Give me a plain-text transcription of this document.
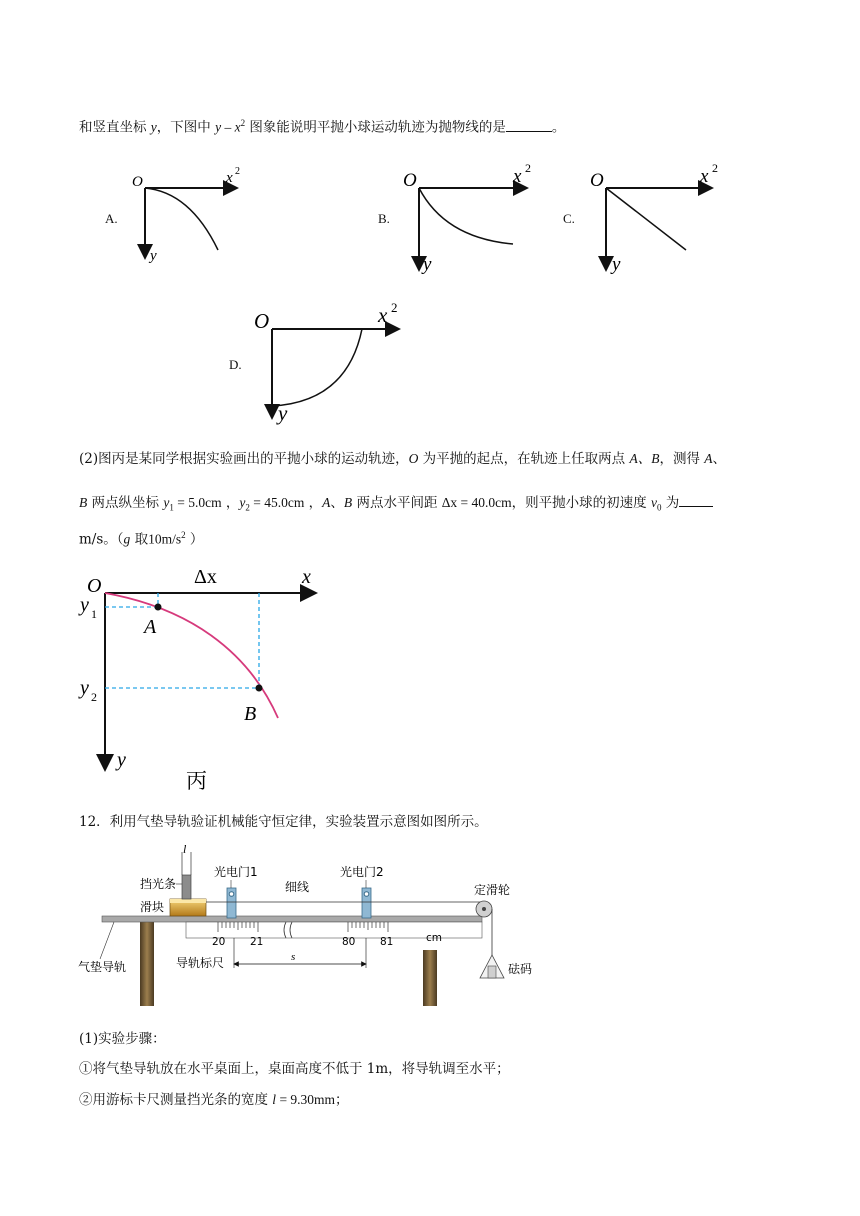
和竖直坐标 y，下图中 y – $x^2$ 图象能说明平抛小球运动轨迹为抛物线的是	。
A.
O	x 2
y
B.
O	x 2
y
C.
O	x 2
y
D.
O	x 2
y
(2)图丙是某同学根据实验画出的平抛小球的运动轨迹，O 为平抛的起点，在轨迹上任取两点 A、B，测得 A、
B 两点纵坐标 $y_1 = 5.0cm$ ，$y_2 = 45.0cm$ ，A、B 两点水平间距 Δx = 40.0cm，则平抛小球的初速度 $v_0$ 为
m/s。（g 取$10m/s^2$ ）
O	Δx	x
y
y 1
y 2
A
B
丙
12．利用气垫导轨验证机械能守恒定律，实验装置示意图如图所示。
20 21	80 81	cm
l
s
挡光条
滑块
光电门1
细线
光电门2
定滑轮
气垫导轨	导轨标尺	砝码
(1)实验步骤：
①将气垫导轨放在水平桌面上，桌面高度不低于 1m，将导轨调至水平；
②用游标卡尺测量挡光条的宽度 l = 9.30mm；
